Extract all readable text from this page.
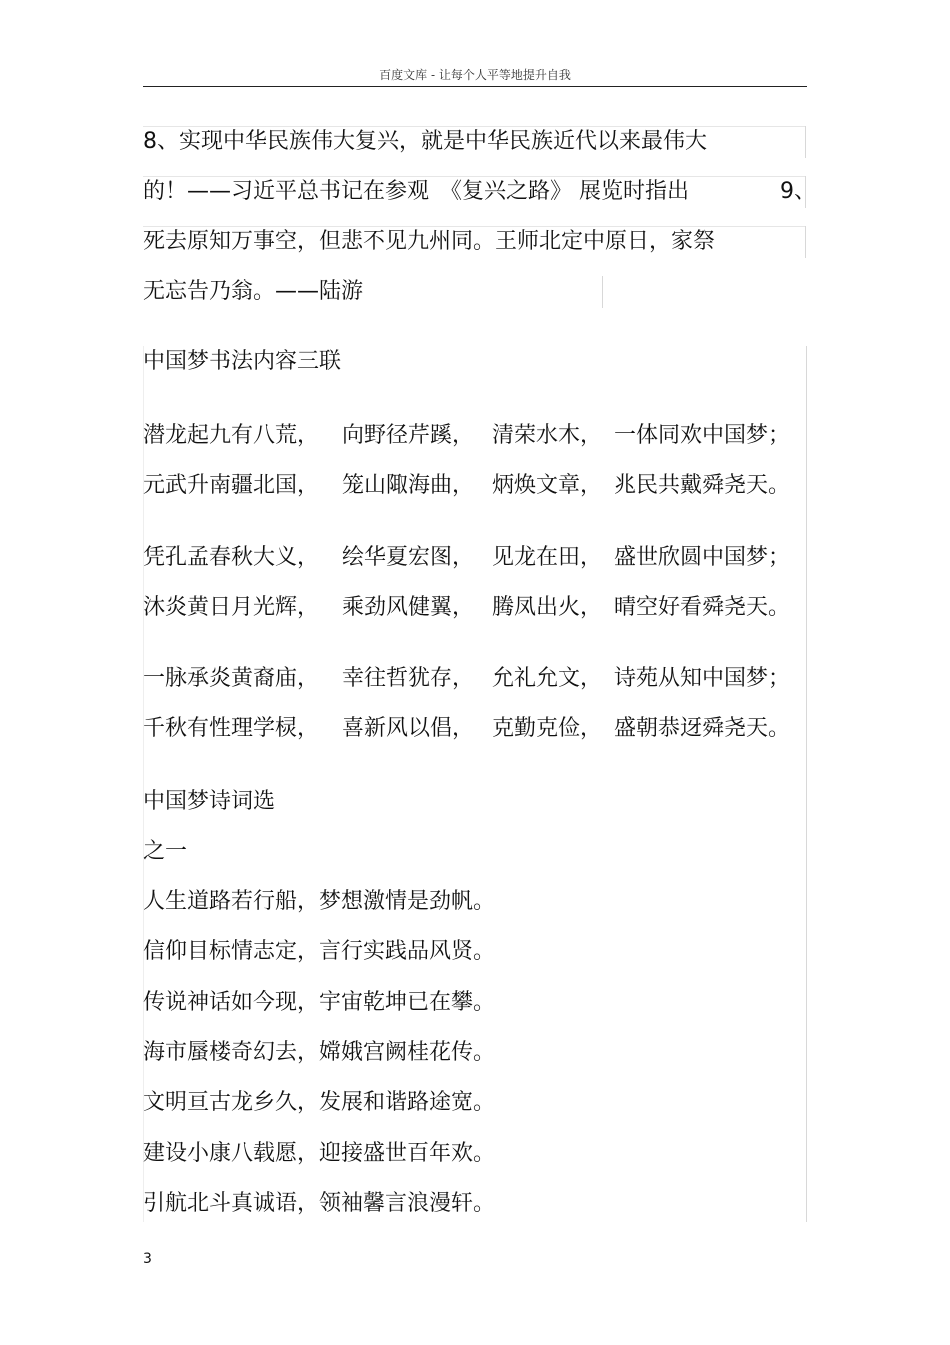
百度文库 - 让每个人平等地提升自我
8、实现中华民族伟大复兴，就是中华民族近代以来最伟大
的！——习近平总书记在参观　《复兴之路》 展览时指出	9、
死去原知万事空，但悲不见九州同。王师北定中原日，家祭
无忘告乃翁。——陆游
中国梦书法内容三联
潜龙起九有八荒， 向野径芹蹊， 清荣水木， 一体同欢中国梦；
元武升南疆北国， 笼山陬海曲， 炳焕文章， 兆民共戴舜尧天。
凭孔孟春秋大义， 绘华夏宏图， 见龙在田， 盛世欣圆中国梦；
沐炎黄日月光辉， 乘劲风健翼， 腾凤出火， 晴空好看舜尧天。
一脉承炎黄裔庙， 幸往哲犹存， 允礼允文， 诗苑从知中国梦；
千秋有性理学棂， 喜新风以倡， 克勤克俭， 盛朝恭迓舜尧天。
中国梦诗词选
之一
人生道路若行船，梦想激情是劲帆。
信仰目标情志定，言行实践品风贤。
传说神话如今现，宇宙乾坤已在攀。
海市蜃楼奇幻去，嫦娥宫阙桂花传。
文明亘古龙乡久，发展和谐路途宽。
建设小康八载愿，迎接盛世百年欢。
引航北斗真诚语，领袖馨言浪漫轩。
3
